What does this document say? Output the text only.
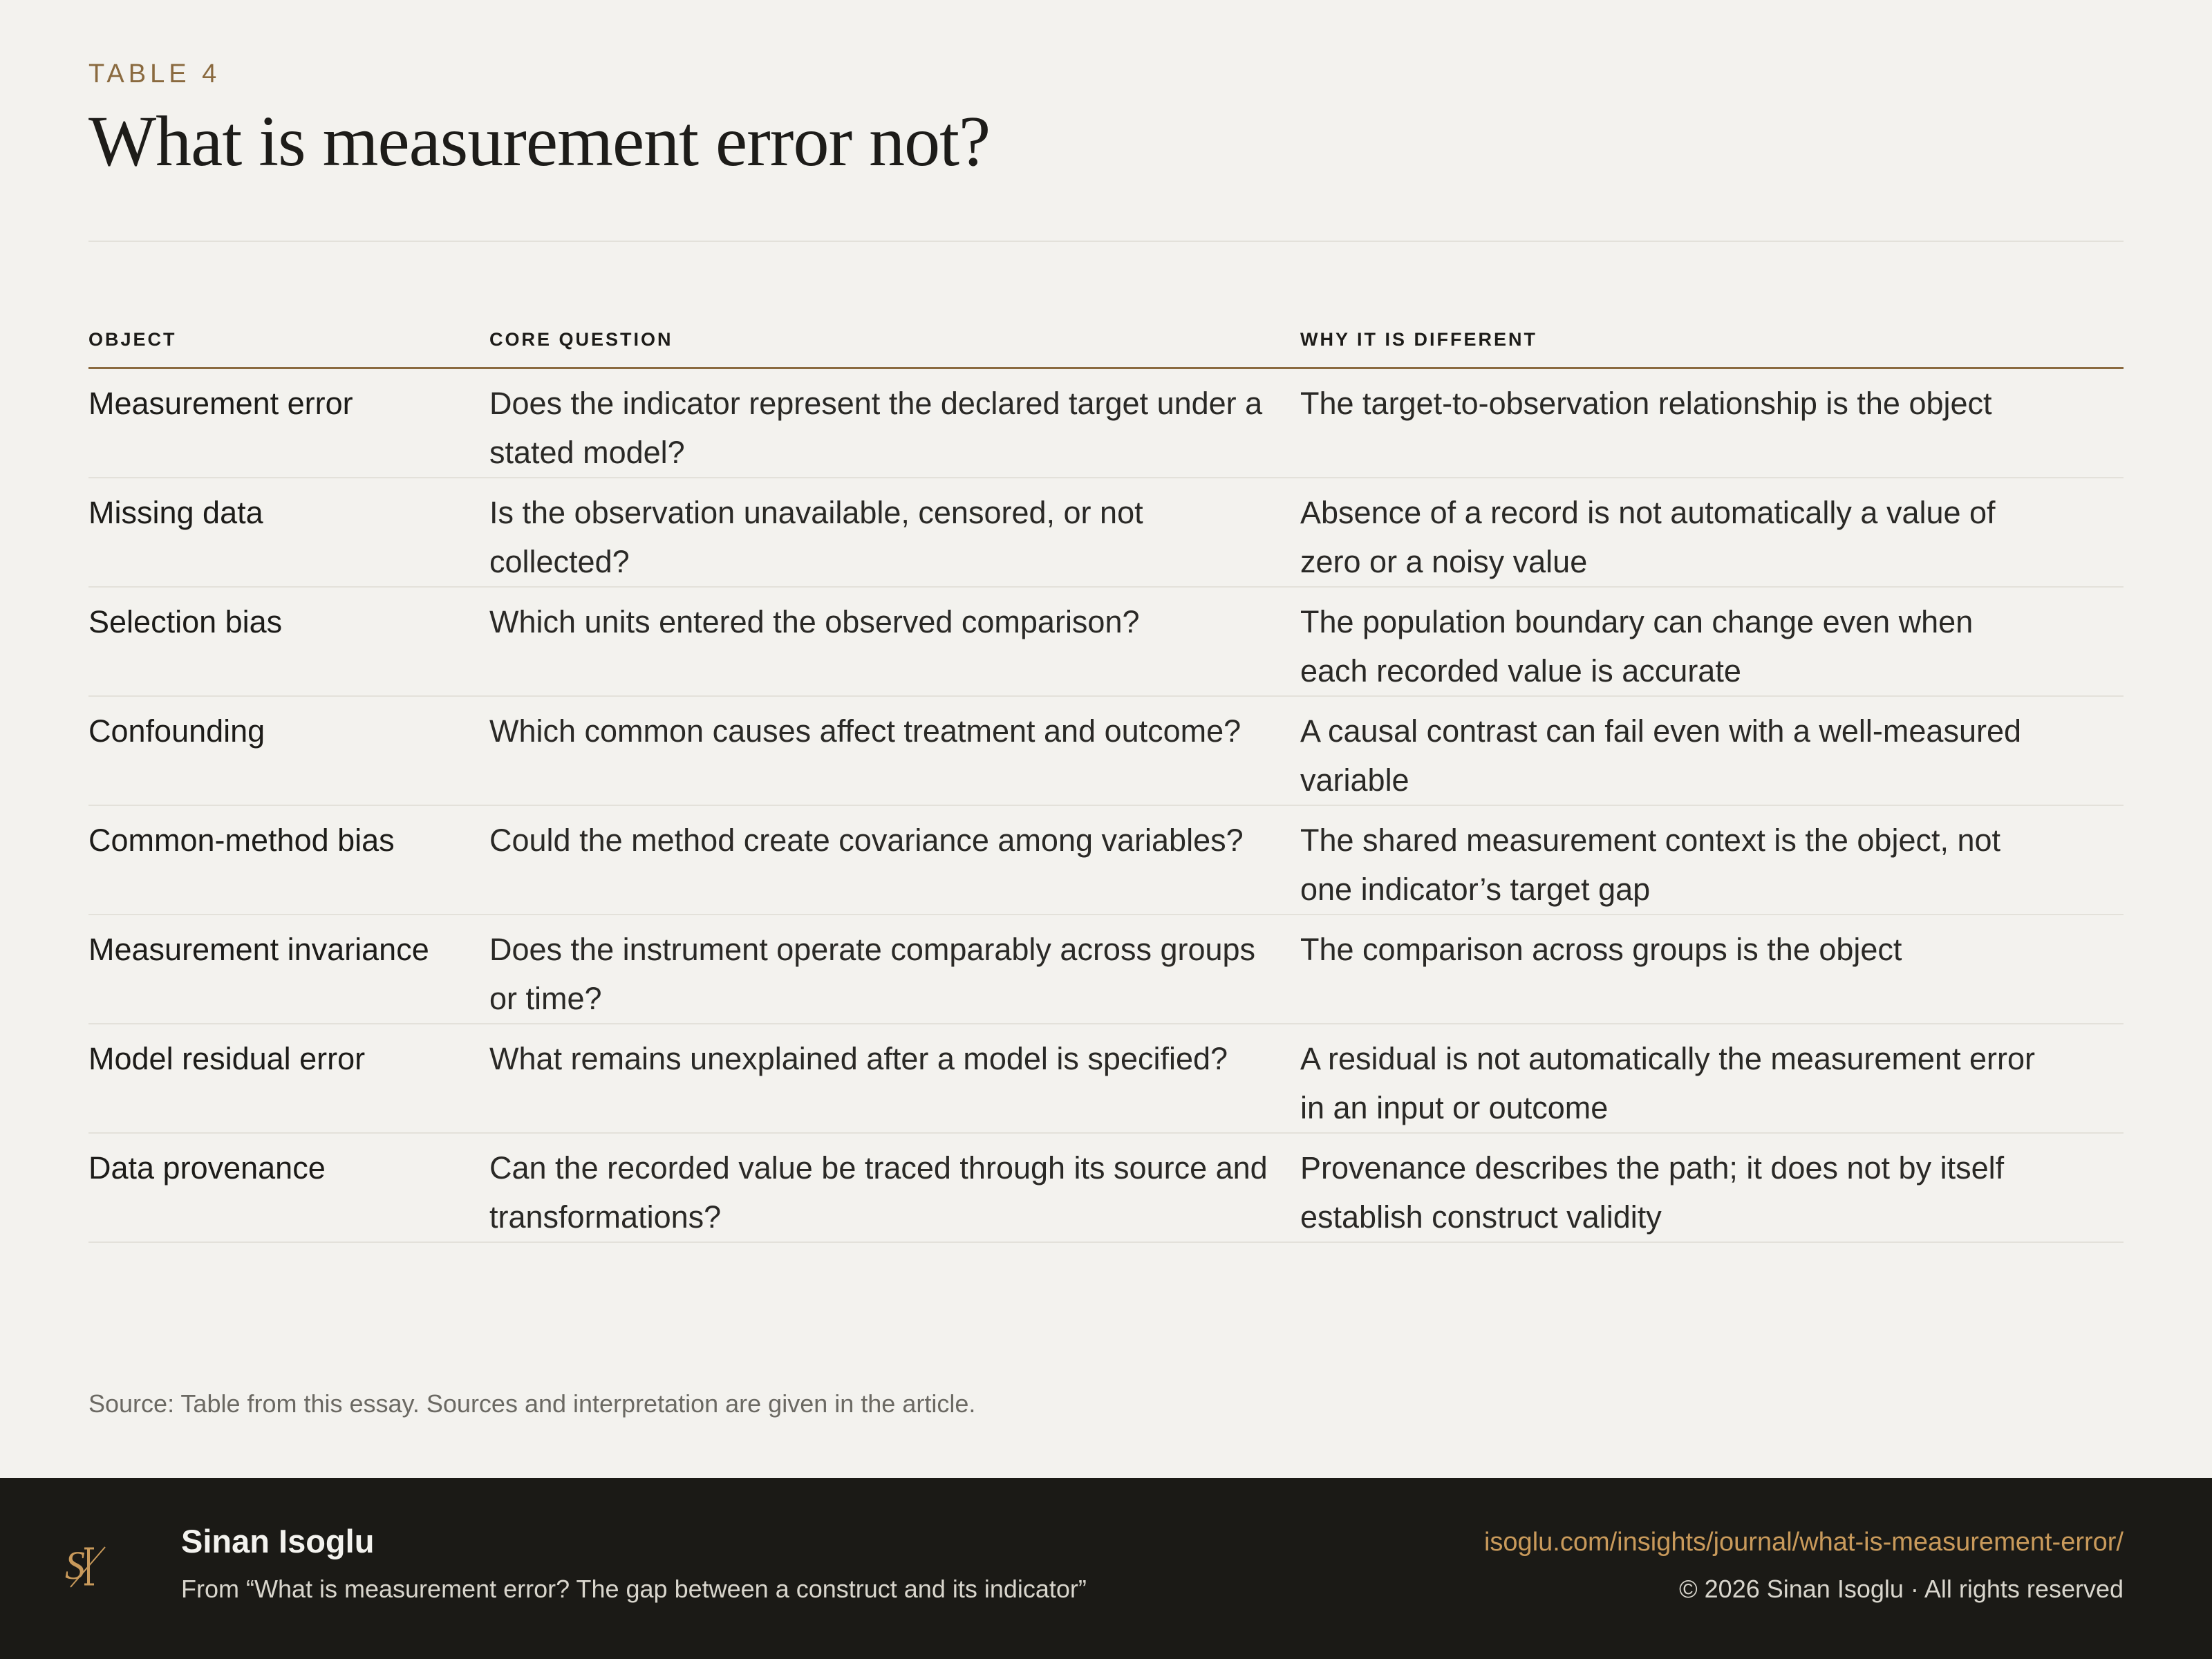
TABLE 4
What is measurement error not?
OBJECT	CORE QUESTION	WHY IT IS DIFFERENT
Measurement error	Does the indicator represent the declared target under a stated model?	The target-to-observation relationship is the object
Missing data	Is the observation unavailable, censored, or not collected?	Absence of a record is not automatically a value of zero or a noisy value
Selection bias	Which units entered the observed comparison?	The population boundary can change even when each recorded value is accurate
Confounding	Which common causes affect treatment and outcome?	A causal contrast can fail even with a well-measured variable
Common-method bias	Could the method create covariance among variables?	The shared measurement context is the object, not one indicator’s target gap
Measurement invariance	Does the instrument operate comparably across groups or time?	The comparison across groups is the object
Model residual error	What remains unexplained after a model is specified?	A residual is not automatically the measurement error in an input or outcome
Data provenance	Can the recorded value be traced through its source and transformations?	Provenance describes the path; it does not by itself establish construct validity
Source: Table from this essay. Sources and interpretation are given in the article.
S
Sinan Isoglu
From “What is measurement error? The gap between a construct and its indicator”
isoglu.com/insights/journal/what-is-measurement-error/
© 2026 Sinan Isoglu · All rights reserved
